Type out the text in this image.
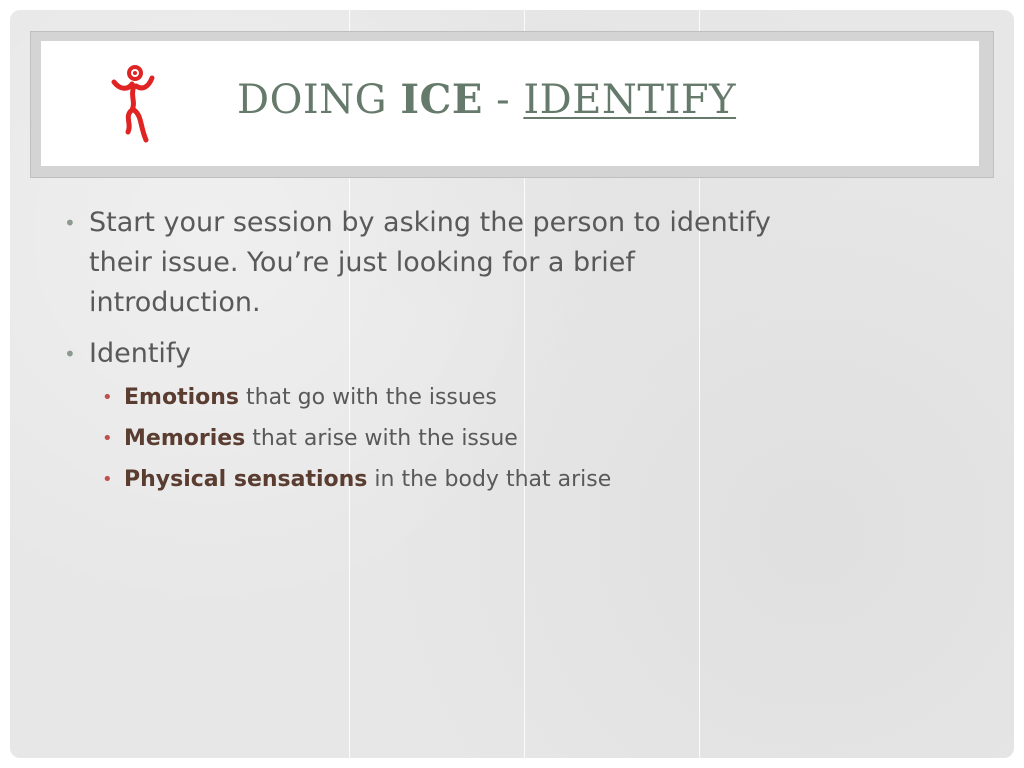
DOING ICE - IDENTIFY
• Start your session by asking the person to identify
their issue. You’re just looking for a brief
introduction.
• Identify
• Emotions that go with the issues
• Memories that arise with the issue
• Physical sensations in the body that arise
